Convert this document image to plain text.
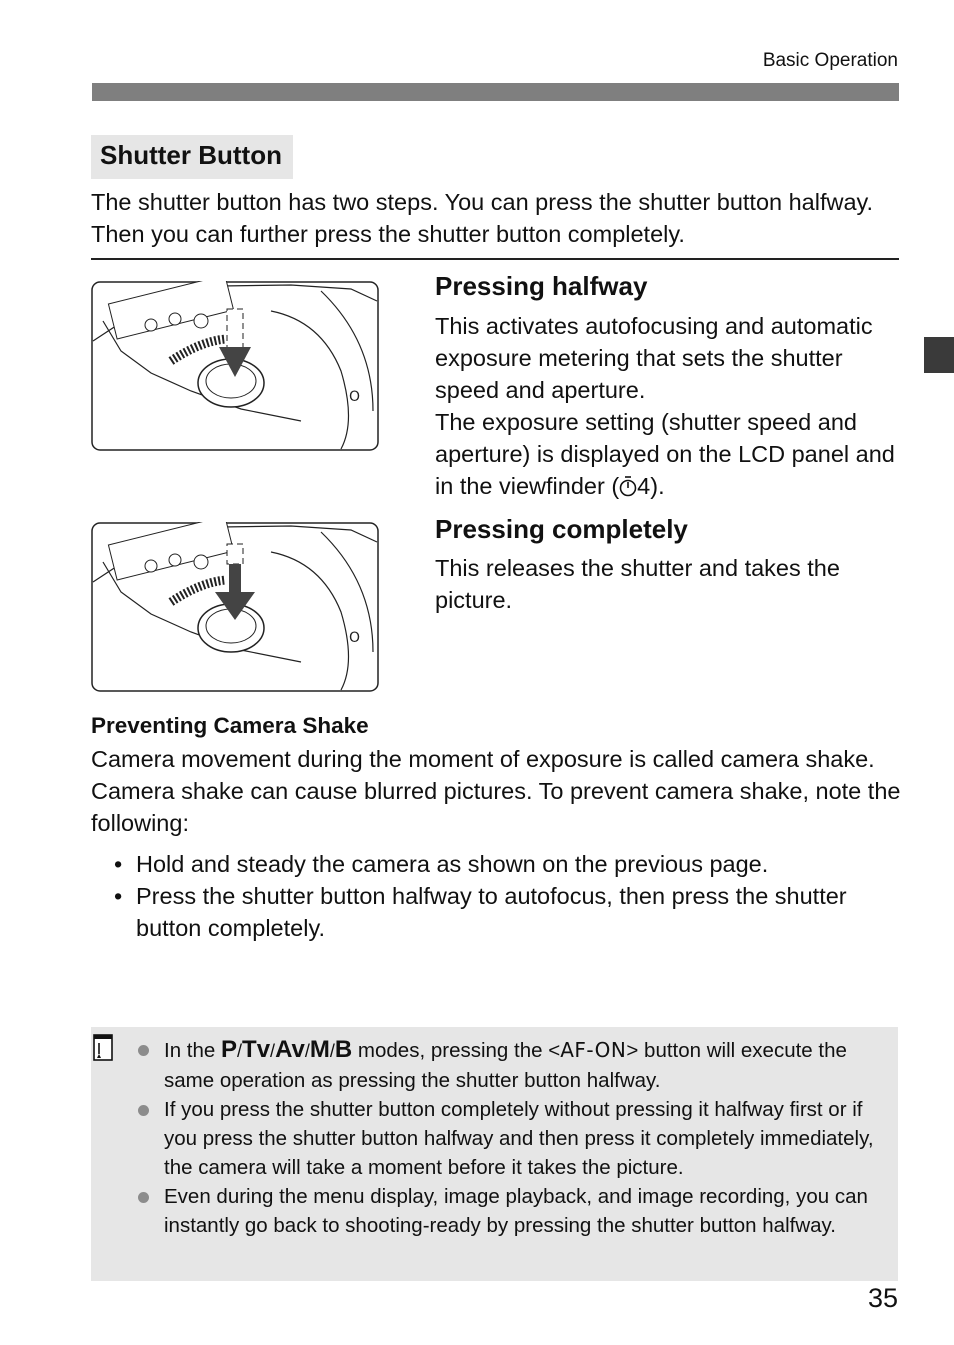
Basic Operation
Shutter Button
The shutter button has two steps. You can press the shutter button halfway. Then you can further press the shutter button completely.
O
O
Pressing halfway
This activates autofocusing and automatic exposure metering that sets the shutter speed and aperture.
The exposure setting (shutter speed and aperture) is displayed on the LCD panel and in the viewfinder ( 4).
Pressing completely
This releases the shutter and takes the picture.
Preventing Camera Shake
Camera movement during the moment of exposure is called camera shake. Camera shake can cause blurred pictures. To prevent camera shake, note the following:
• Hold and steady the camera as shown on the previous page.
• Press the shutter button halfway to autofocus, then press the shutter button completely.
In the P/Tv/Av/M/B modes, pressing the <AF-ON> button will execute the same operation as pressing the shutter button halfway.
If you press the shutter button completely without pressing it halfway first or if you press the shutter button halfway and then press it completely immediately, the camera will take a moment before it takes the picture.
Even during the menu display, image playback, and image recording, you can instantly go back to shooting-ready by pressing the shutter button halfway.
35
